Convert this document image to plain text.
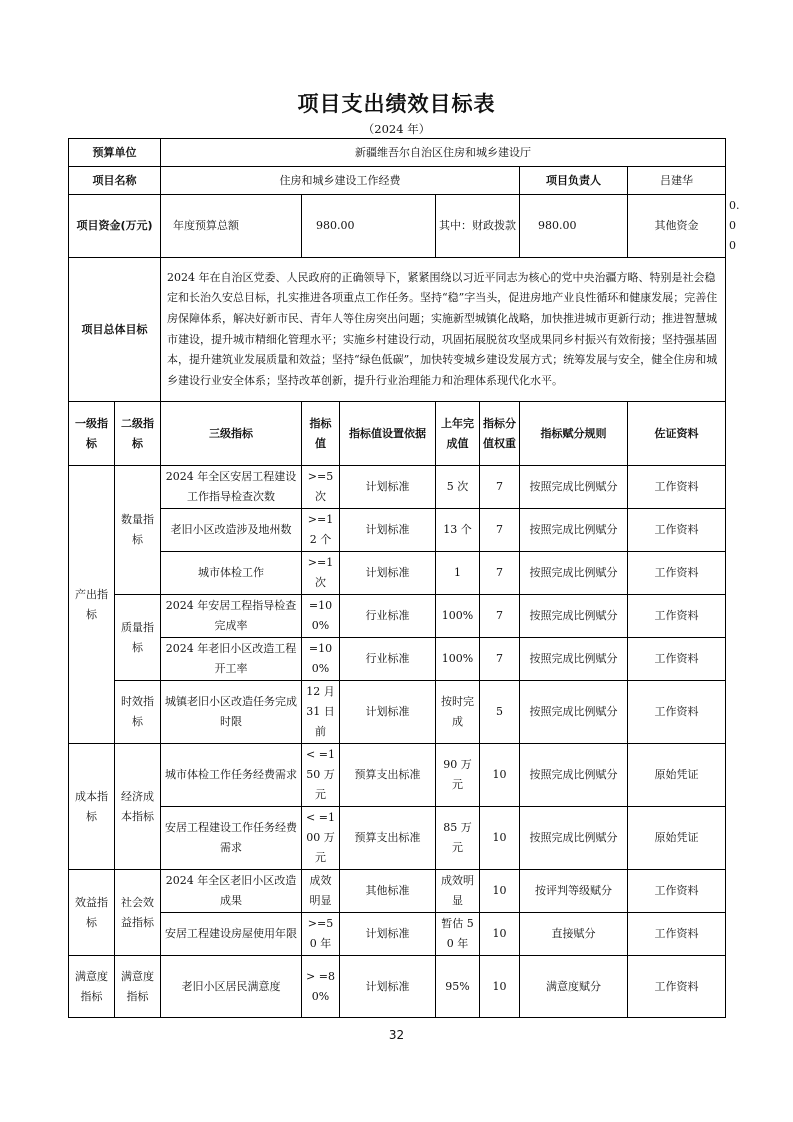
项目支出绩效目标表
（2024 年）
预算单位		新疆维吾尔自治区住房和城乡建设厅							
项目名称		住房和城乡建设工作经费					项目负责人	吕建华	
项目资金(万元)		年度预算总额	980.00		其中：财政拨款		980.00	其他资金	0.00
项目总体目标		2024 年在自治区党委、人民政府的正确领导下，紧紧围绕以习近平同志为核心的党中央治疆方略、特别是社会稳定和长治久安总目标，扎实推进各项重点工作任务。坚持“稳”字当头，促进房地产业良性循环和健康发展；完善住房保障体系，解决好新市民、青年人等住房突出问题；实施新型城镇化战略，加快推进城市更新行动；推进智慧城市建设，提升城市精细化管理水平；实施乡村建设行动，巩固拓展脱贫攻坚成果同乡村振兴有效衔接；坚持强基固本，提升建筑业发展质量和效益；坚持“绿色低碳”，加快转变城乡建设发展方式；统筹发展与安全，健全住房和城乡建设行业安全体系；坚持改革创新，提升行业治理能力和治理体系现代化水平。							
一级指标	二级指标	三级指标	指标值	指标值设置依据	上年完成值	指标分值权重	指标赋分规则	佐证资料	
产出指标	数量指标	2024 年全区安居工程建设工作指导检查次数	>=5 次	计划标准	5 次	7	按照完成比例赋分	工作资料	
		老旧小区改造涉及地州数	>=12 个	计划标准	13 个	7	按照完成比例赋分	工作资料	
		城市体检工作	>=1 次	计划标准	1	7	按照完成比例赋分	工作资料	
	质量指标	2024 年安居工程指导检查完成率	=100%	行业标准	100%	7	按照完成比例赋分	工作资料	
		2024 年老旧小区改造工程开工率	=100%	行业标准	100%	7	按照完成比例赋分	工作资料	
	时效指标	城镇老旧小区改造任务完成时限	12 月 31 日前	计划标准	按时完成	5	按照完成比例赋分	工作资料	
成本指标	经济成本指标	城市体检工作任务经费需求	< =150 万元	预算支出标准	90 万元	10	按照完成比例赋分	原始凭证	
		安居工程建设工作任务经费需求	< =100 万元	预算支出标准	85 万元	10	按照完成比例赋分	原始凭证	
效益指标	社会效益指标	2024 年全区老旧小区改造成果	成效明显	其他标准	成效明显	10	按评判等级赋分	工作资料	
		安居工程建设房屋使用年限	>=50 年	计划标准	暂估 50 年	10	直接赋分	工作资料	
满意度指标	满意度指标	老旧小区居民满意度	> =80%	计划标准	95%	10	满意度赋分	工作资料	
32
